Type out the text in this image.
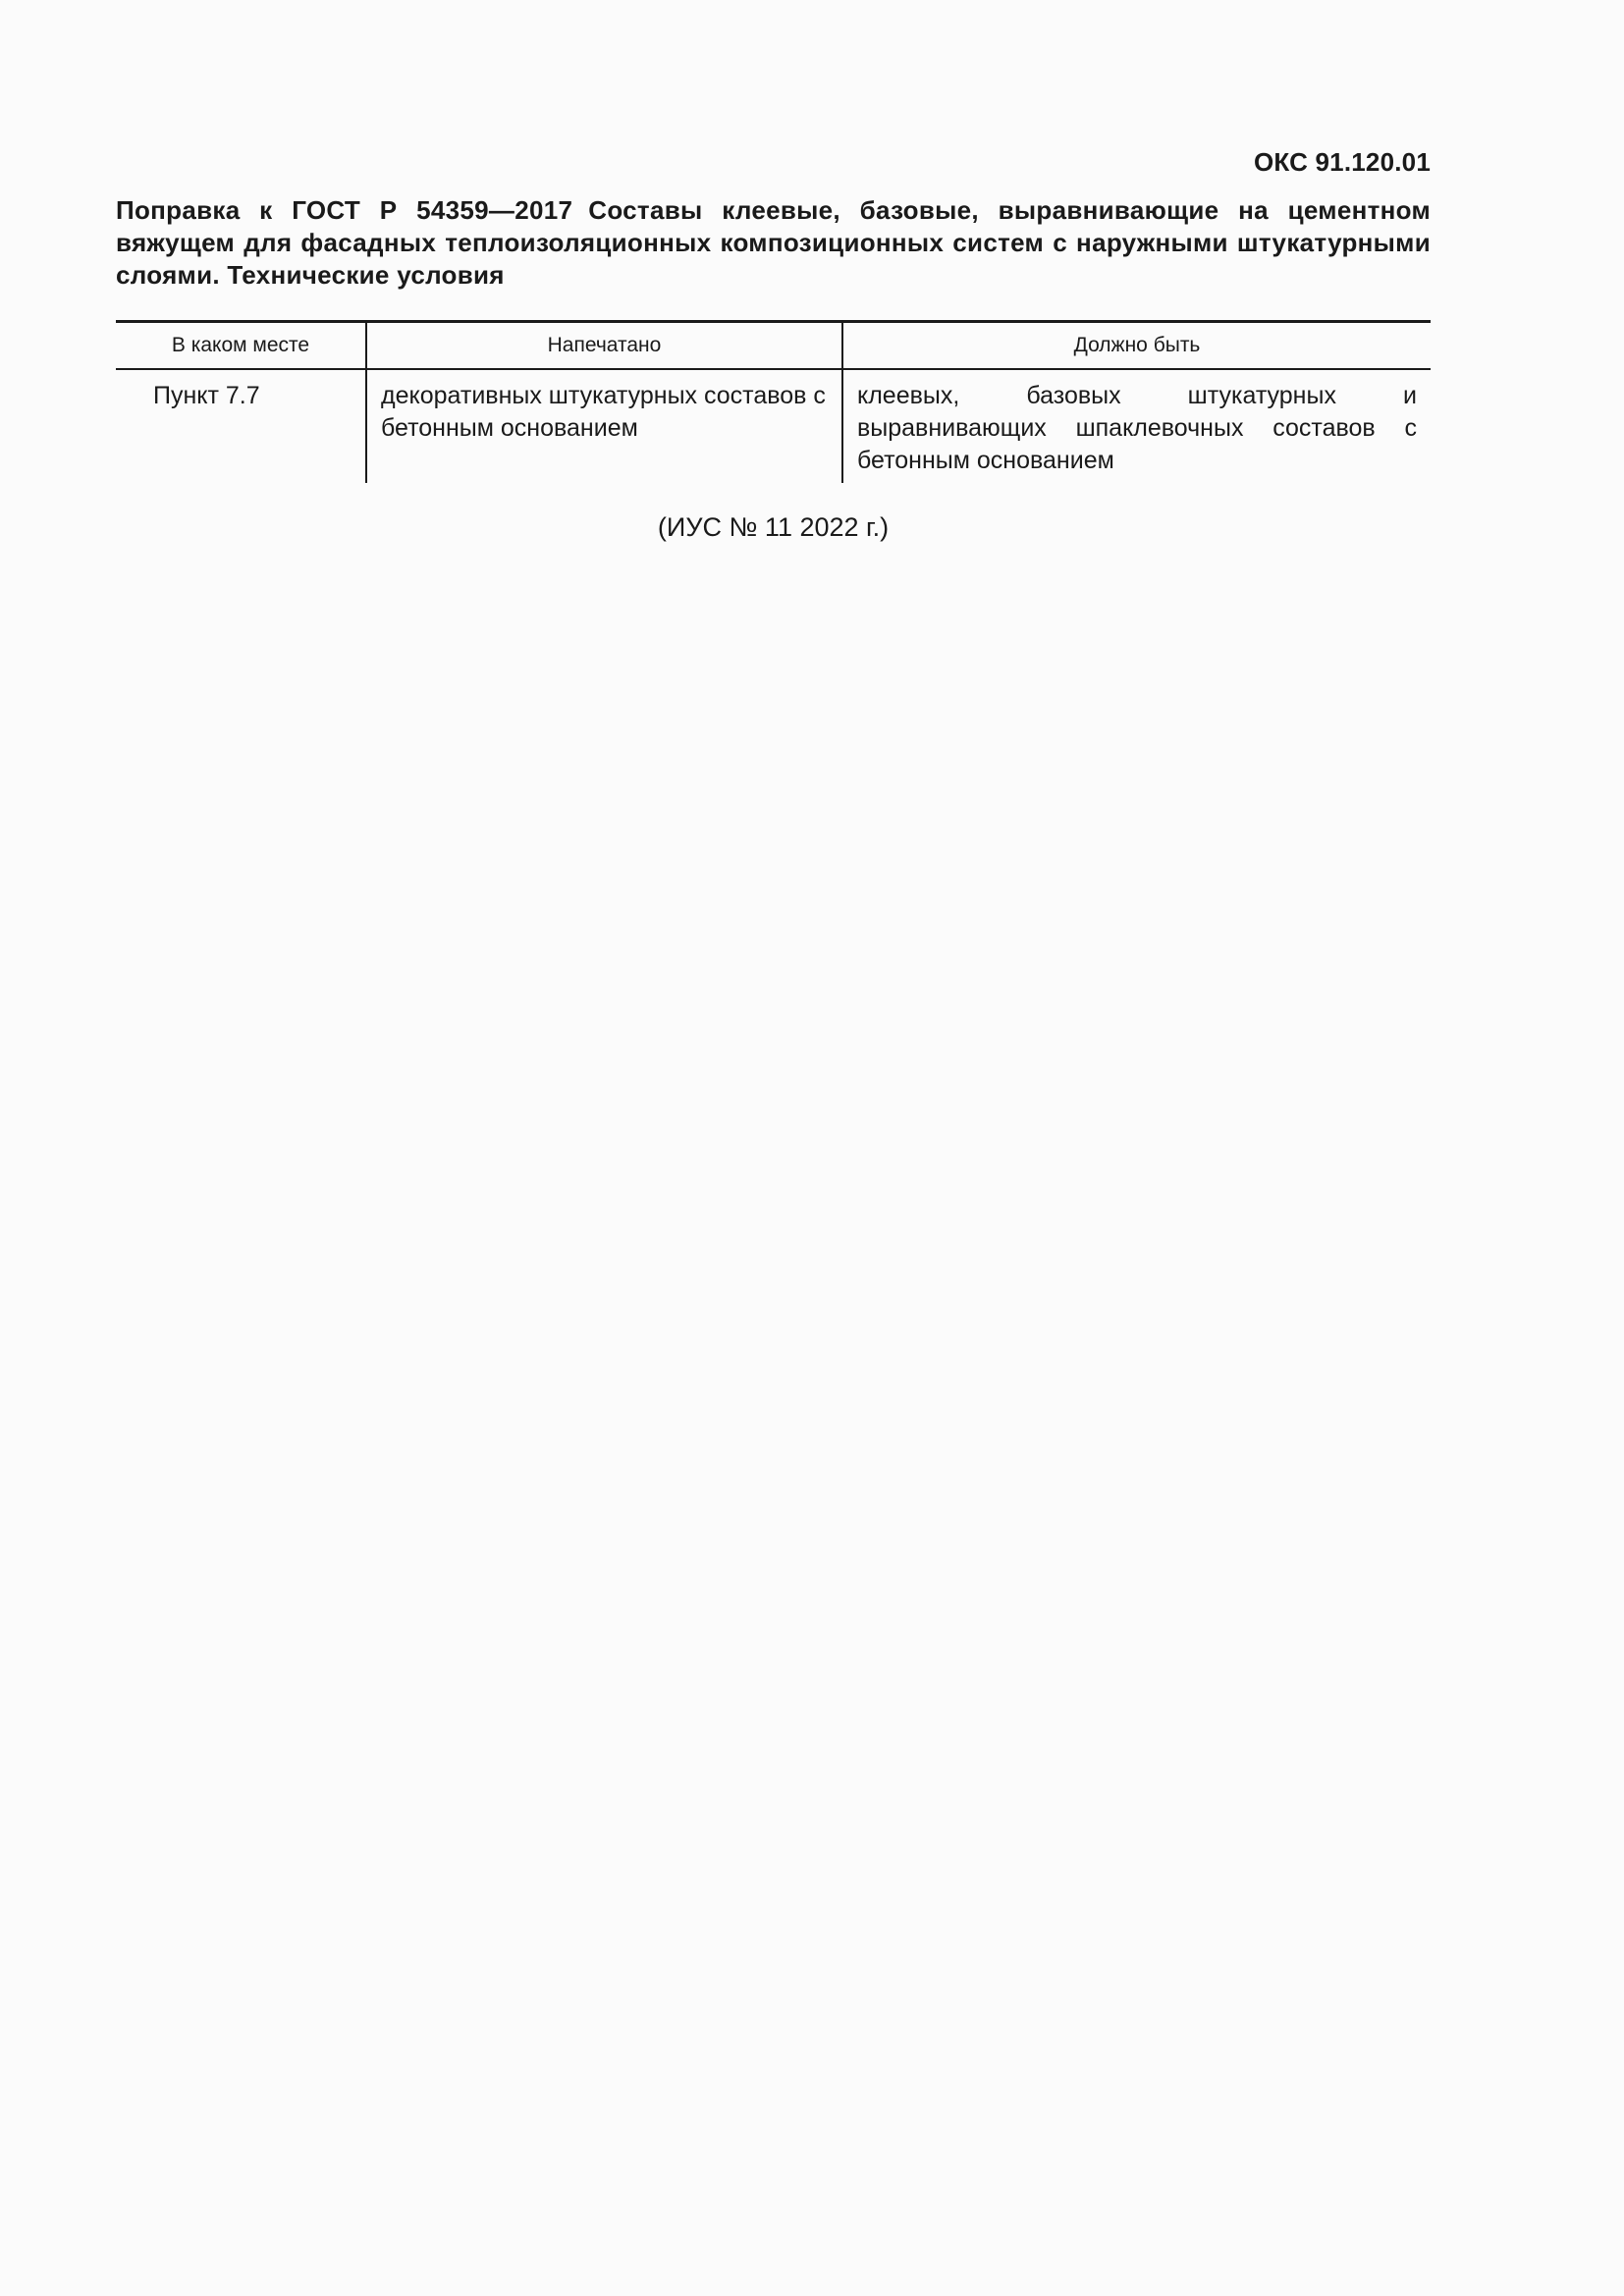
ОКС 91.120.01
Поправка к ГОСТ Р 54359—2017 Составы клеевые, базовые, выравнивающие на цементном вяжущем для фасадных теплоизоляционных композиционных систем с наружными штукатурными слоями. Технические условия
В каком месте	Напечатано	Должно быть
Пункт 7.7	декоративных штукатурных составов с бетонным основанием	клеевых, базовых штукатурных и выравнивающих шпаклевочных составов с бетонным основанием
(ИУС № 11 2022 г.)
